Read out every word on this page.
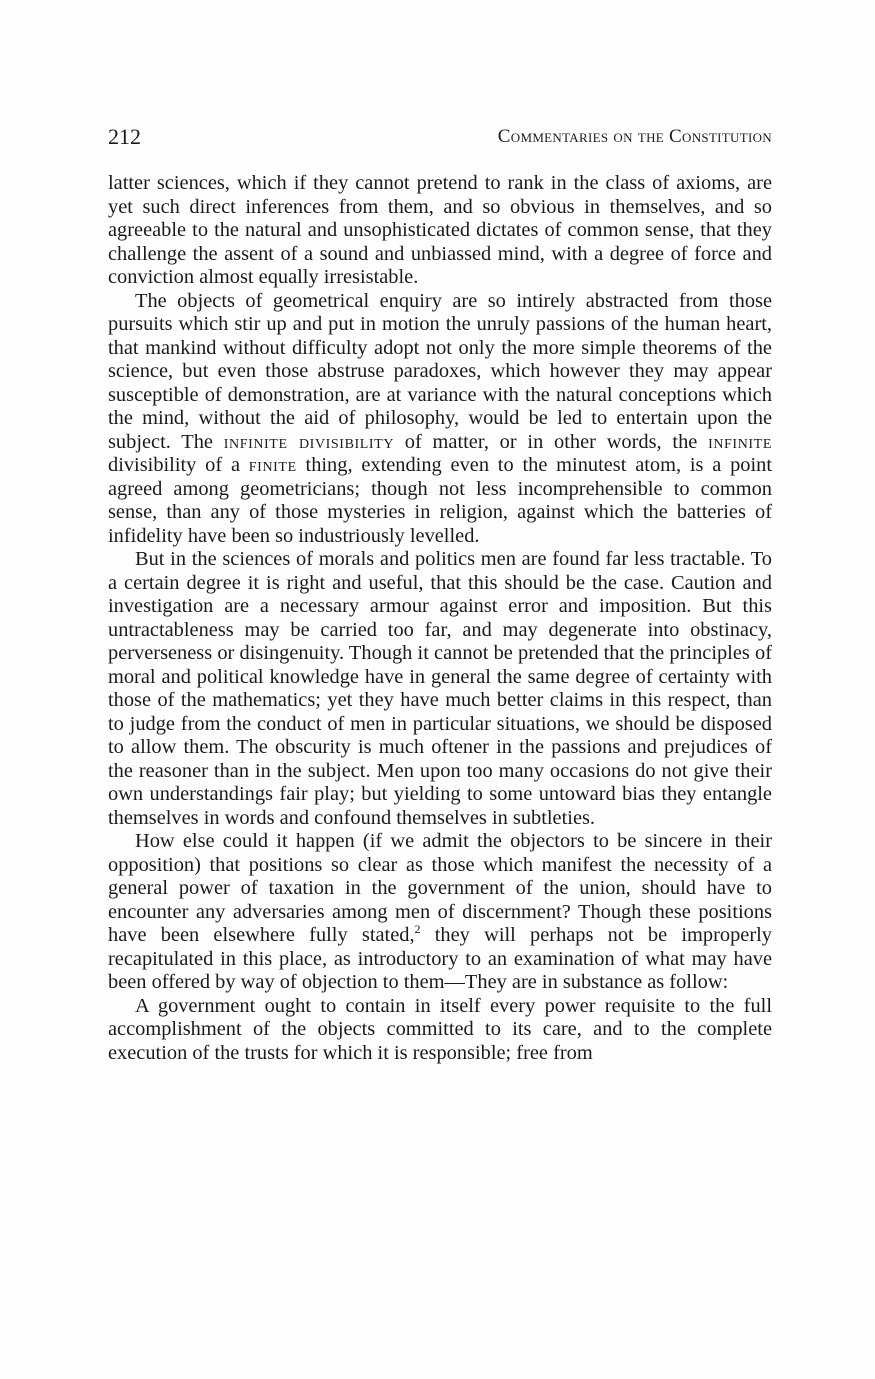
212	Commentaries on the Constitution

latter sciences, which if they cannot pretend to rank in the class of axioms, are yet such direct inferences from them, and so obvious in themselves, and so agreeable to the natural and unsophisticated dictates of common sense, that they challenge the assent of a sound and unbiassed mind, with a degree of force and conviction almost equally irresistable.

The objects of geometrical enquiry are so intirely abstracted from those pursuits which stir up and put in motion the unruly passions of the human heart, that mankind without difficulty adopt not only the more simple theorems of the science, but even those abstruse paradoxes, which however they may appear susceptible of demonstration, are at variance with the natural conceptions which the mind, without the aid of philosophy, would be led to entertain upon the subject. The infinite divisibility of matter, or in other words, the infinite divisibility of a finite thing, extending even to the minutest atom, is a point agreed among geometricians; though not less incomprehensible to common sense, than any of those mysteries in religion, against which the batteries of infidelity have been so industriously levelled.

But in the sciences of morals and politics men are found far less tractable. To a certain degree it is right and useful, that this should be the case. Caution and investigation are a necessary armour against error and imposition. But this untractableness may be carried too far, and may degenerate into obstinacy, perverseness or disingenuity. Though it cannot be pretended that the principles of moral and political knowledge have in general the same degree of certainty with those of the mathematics; yet they have much better claims in this respect, than to judge from the conduct of men in particular situations, we should be disposed to allow them. The obscurity is much oftener in the passions and prejudices of the reasoner than in the subject. Men upon too many occasions do not give their own understandings fair play; but yielding to some untoward bias they entangle themselves in words and confound themselves in subtleties.

How else could it happen (if we admit the objectors to be sincere in their opposition) that positions so clear as those which manifest the necessity of a general power of taxation in the government of the union, should have to encounter any adversaries among men of discernment? Though these positions have been elsewhere fully stated,$^2$ they will perhaps not be improperly recapitulated in this place, as introductory to an examination of what may have been offered by way of objection to them—They are in substance as follow:

A government ought to contain in itself every power requisite to the full accomplishment of the objects committed to its care, and to the complete execution of the trusts for which it is responsible; free from
